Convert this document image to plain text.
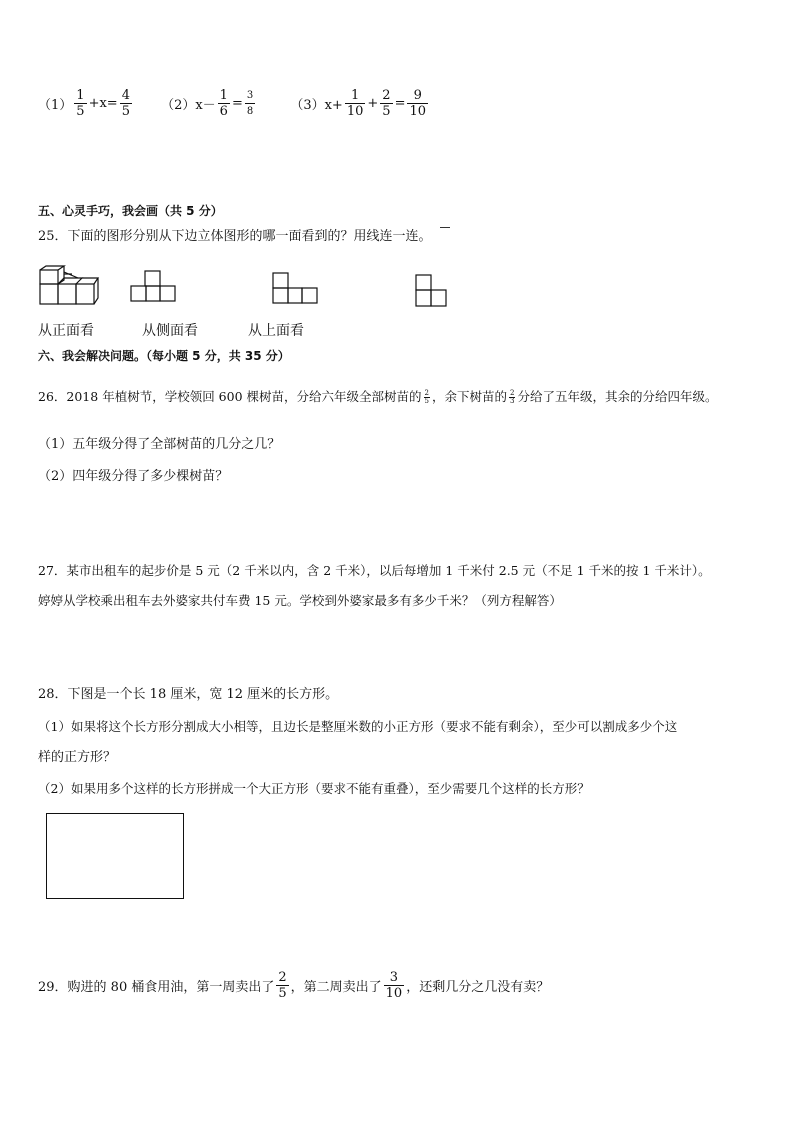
$(1) \frac{1}{5} +x= \frac{4}{5}$
$(2)x- \frac{1}{6} = \frac{3}{8}$
	$(3)x+ \frac{1}{10} + \frac{2}{5} = \frac{9}{10}$
五、心灵手巧，我会画（共 5 分）
25．下面的图形分别从下边立体图形的哪一面看到的？用线连一连。
从正面看	从侧面看	从上面看
六、我会解决问题。（每小题 5 分，共 35 分）
26．2018 年植树节，学校领回 600 棵树苗，分给六年级全部树苗的 $\frac{2}{5}$ ，余下树苗的 $\frac{2}{3}$ 分给了五年级，其余的分给四年级。
（1）五年级分得了全部树苗的几分之几？
（2）四年级分得了多少棵树苗？
27．某市出租车的起步价是 5 元（2 千米以内，含 2 千米），以后每增加 1 千米付 2.5 元（不足 1 千米的按 1 千米计）。
婷婷从学校乘出租车去外婆家共付车费 15 元。学校到外婆家最多有多少千米？（列方程解答）
28．下图是一个长 18 厘米，宽 12 厘米的长方形。
（1）如果将这个长方形分割成大小相等，且边长是整厘米数的小正方形（要求不能有剩余），至少可以割成多少个这
样的正方形？
（2）如果用多个这样的长方形拼成一个大正方形（要求不能有重叠），至少需要几个这样的长方形？
29．购进的 80 桶食用油，第一周卖出了 $\frac{2}{5}$ ，第二周卖出了 $\frac{3}{10}$ ，还剩几分之几没有卖？
